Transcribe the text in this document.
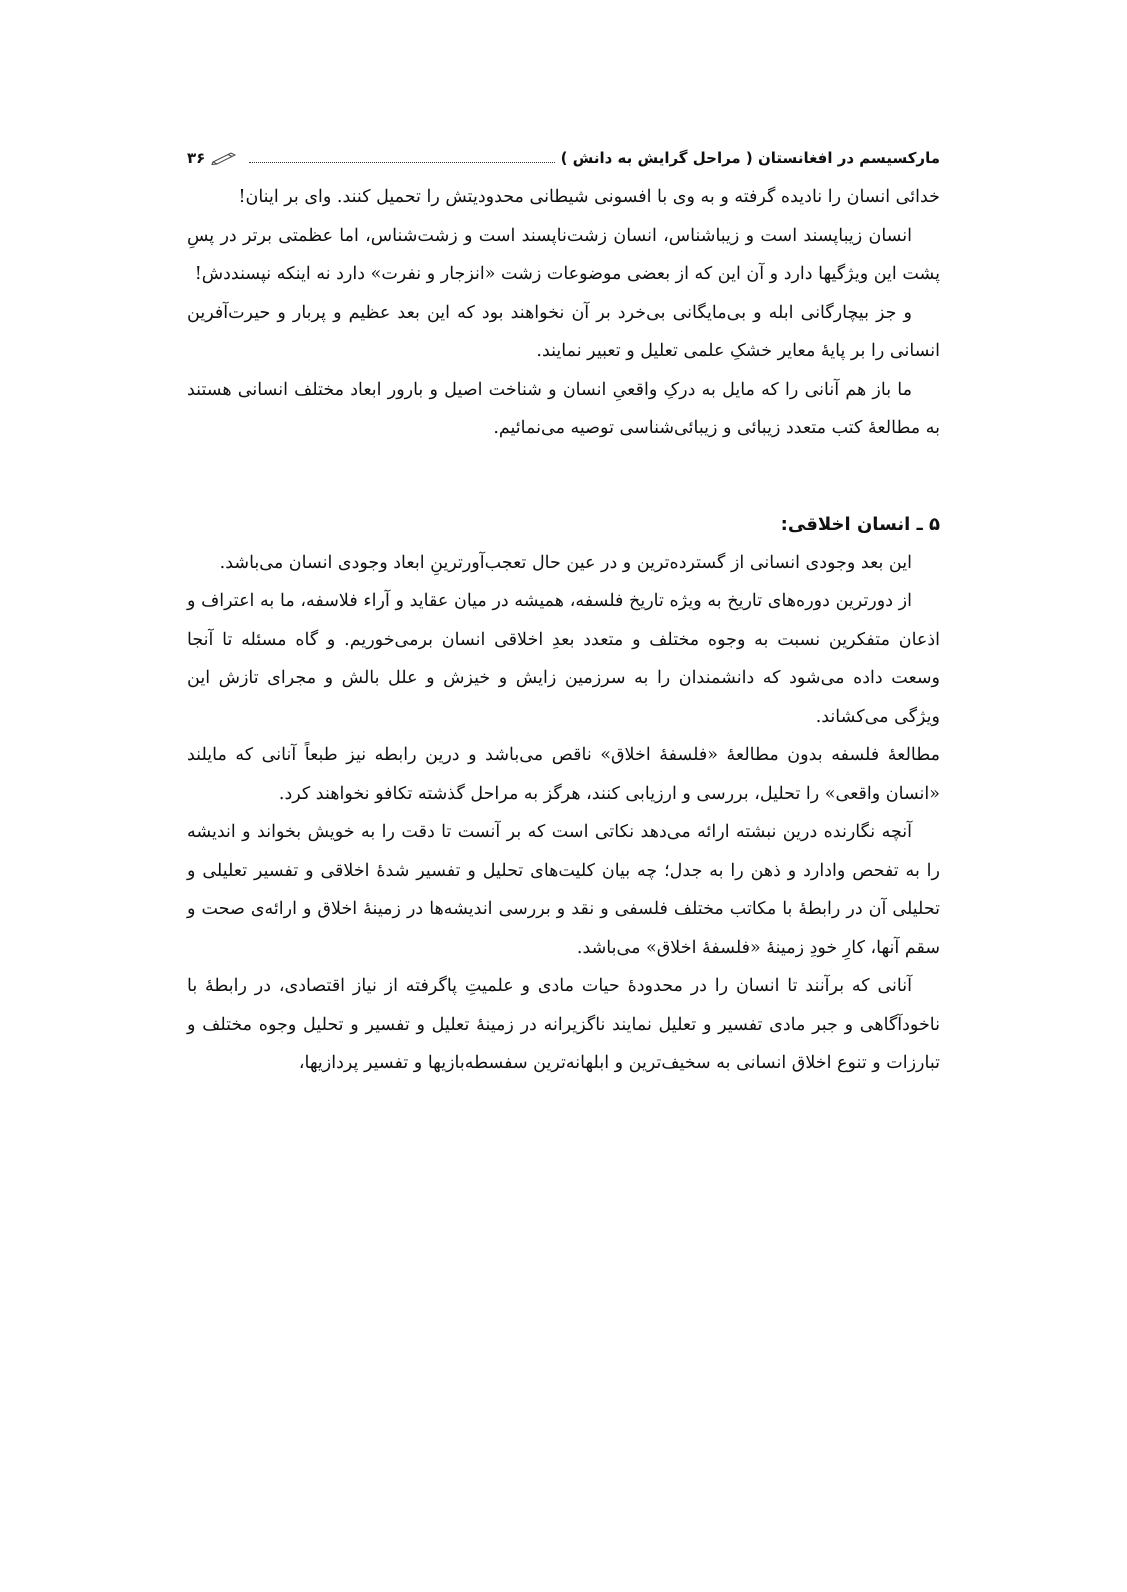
مارکسیسم در افغانستان ( مراحل گرایش به دانش )
۳۶

خدائی انسان را نادیده گرفته و به وی با افسونی شیطانی محدودیتش را تحمیل کنند. وای بر اینان!

انسان زیباپسند است و زیباشناس، انسان زشت‌ناپسند است و زشت‌شناس، اما عظمتی برتر در پسِ پشت این ویژگیها دارد و آن این که از بعضی موضوعات زشت «انزجار و نفرت» دارد نه اینکه نپسنددش!

و جز بیچارگانی ابله و بی‌مایگانی بی‌خرد بر آن نخواهند بود که این بعد عظیم و پربار و حیرت‌آفرین انسانی را بر پایهٔ معایر خشکِ علمی تعلیل و تعبیر نمایند.

ما باز هم آنانی را که مایل به درکِ واقعیِ انسان و شناخت اصیل و بارور ابعاد مختلف انسانی هستند به مطالعهٔ کتب متعدد زیبائی و زیبائی‌شناسی توصیه می‌نمائیم.

۵ ـ انسان اخلاقی:

این بعد وجودی انسانی از گسترده‌ترین و در عین حال تعجب‌آورترینِ ابعاد وجودی انسان می‌باشد.

از دورترین دوره‌های تاریخ به ویژه تاریخ فلسفه، همیشه در میان عقاید و آراء فلاسفه، ما به اعتراف و اذعان متفکرین نسبت به وجوه مختلف و متعدد بعدِ اخلاقی انسان برمی‌خوریم. و گاه مسئله تا آنجا وسعت داده می‌شود که دانشمندان را به سرزمین زایش و خیزش و علل بالش و مجرای تازش این ویژگی می‌کشاند.

مطالعهٔ فلسفه بدون مطالعهٔ «فلسفهٔ اخلاق» ناقص می‌باشد و درین رابطه نیز طبعاً آنانی که مایلند «انسان واقعی» را تحلیل، بررسی و ارزیابی کنند، هرگز به مراحل گذشته تکافو نخواهند کرد.

آنچه نگارنده درین نبشته ارائه می‌دهد نکاتی است که بر آنست تا دقت را به خویش بخواند و اندیشه را به تفحص وادارد و ذهن را به جدل؛ چه بیان کلیت‌های تحلیل و تفسیر شدهٔ اخلاقی و تفسیر تعلیلی و تحلیلی آن در رابطهٔ با مکاتب مختلف فلسفی و نقد و بررسی اندیشه‌ها در زمینهٔ اخلاق و ارائه‌ی صحت و سقم آنها، کارِ خودِ زمینهٔ «فلسفهٔ اخلاق» می‌باشد.

آنانی که برآنند تا انسان را در محدودهٔ حیات مادی و علمیتِ پاگرفته از نیاز اقتصادی، در رابطهٔ با ناخودآگاهی و جبر مادی تفسیر و تعلیل نمایند ناگزیرانه در زمینهٔ تعلیل و تفسیر و تحلیل وجوه مختلف و تبارزات و تنوع اخلاق انسانی به سخیف‌ترین و ابلهانه‌ترین سفسطه‌بازیها و تفسیر پردازیها،
